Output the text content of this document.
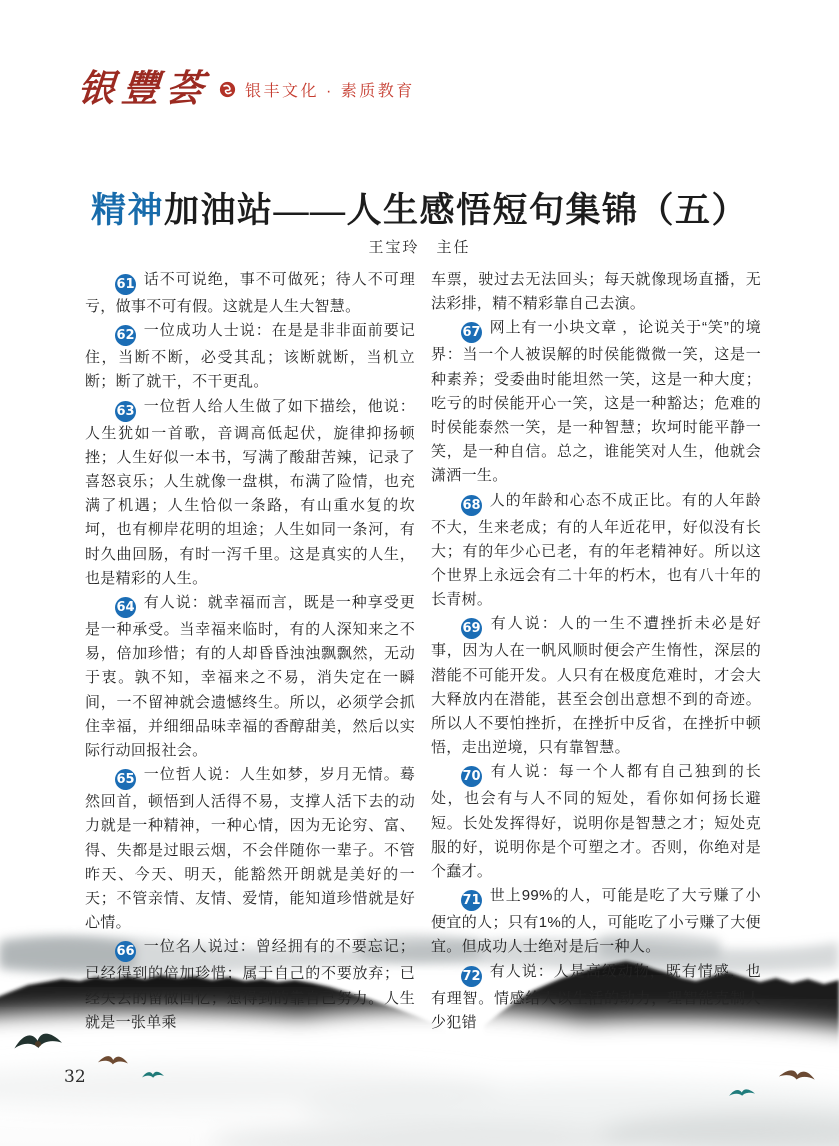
银豐荟 银丰文化 · 素质教育
精神加油站——人生感悟短句集锦（五）
王宝玲　主任

61 话不可说绝，事不可做死；待人不可理亏，做事不可有假。这就是人生大智慧。

62 一位成功人士说：在是是非非面前要记住，当断不断，必受其乱；该断就断，当机立断；断了就干，不干更乱。

63 一位哲人给人生做了如下描绘，他说：人生犹如一首歌，音调高低起伏，旋律抑扬顿挫；人生好似一本书，写满了酸甜苦辣，记录了喜怒哀乐；人生就像一盘棋，布满了险情，也充满了机遇；人生恰似一条路，有山重水复的坎坷，也有柳岸花明的坦途；人生如同一条河，有时久曲回肠，有时一泻千里。这是真实的人生，也是精彩的人生。

64 有人说：就幸福而言，既是一种享受更是一种承受。当幸福来临时，有的人深知来之不易，倍加珍惜；有的人却昏昏浊浊飘飘然，无动于衷。孰不知，幸福来之不易，消失定在一瞬间，一不留神就会遗憾终生。所以，必须学会抓住幸福，并细细品味幸福的香醇甜美，然后以实际行动回报社会。

65 一位哲人说：人生如梦，岁月无情。蓦然回首，顿悟到人活得不易，支撑人活下去的动力就是一种精神，一种心情，因为无论穷、富、得、失都是过眼云烟，不会伴随你一辈子。不管昨天、今天、明天，能豁然开朗就是美好的一天；不管亲情、友情、爱情，能知道珍惜就是好心情。

66 一位名人说过：曾经拥有的不要忘记；已经得到的倍加珍惜；属于自己的不要放弃；已经失去的留做回忆；想得到的靠自己努力。人生就是一张单乘

车票，驶过去无法回头；每天就像现场直播，无法彩排，精不精彩靠自己去演。

67 网上有一小块文章 ，论说关于“笑”的境界：当一个人被误解的时侯能微微一笑，这是一种素养；受委曲时能坦然一笑，这是一种大度；吃亏的时侯能开心一笑，这是一种豁达；危难的时侯能泰然一笑，是一种智慧；坎坷时能平静一笑，是一种自信。总之，谁能笑对人生，他就会潇洒一生。

68 人的年龄和心态不成正比。有的人年龄不大，生来老成；有的人年近花甲，好似没有长大；有的年少心已老，有的年老精神好。所以这个世界上永远会有二十年的朽木，也有八十年的长青树。

69 有人说：人的一生不遭挫折未必是好事，因为人在一帆风顺时便会产生惰性，深层的潜能不可能开发。人只有在极度危难时，才会大大释放内在潜能，甚至会创出意想不到的奇迹。所以人不要怕挫折，在挫折中反省，在挫折中顿悟，走出逆境，只有靠智慧。

70 有人说：每一个人都有自己独到的长处，也会有与人不同的短处，看你如何扬长避短。长处发挥得好，说明你是智慧之才；短处克服的好，说明你是个可塑之才。否则，你绝对是个蠢才。

71 世上99%的人，可能是吃了大亏赚了小便宜的人；只有1%的人，可能吃了小亏赚了大便宜。但成功人士绝对是后一种人。

72 有人说：人是高级动物，既有情感，也有理智。情感给人以生活的动力，理智能克制人少犯错

32
